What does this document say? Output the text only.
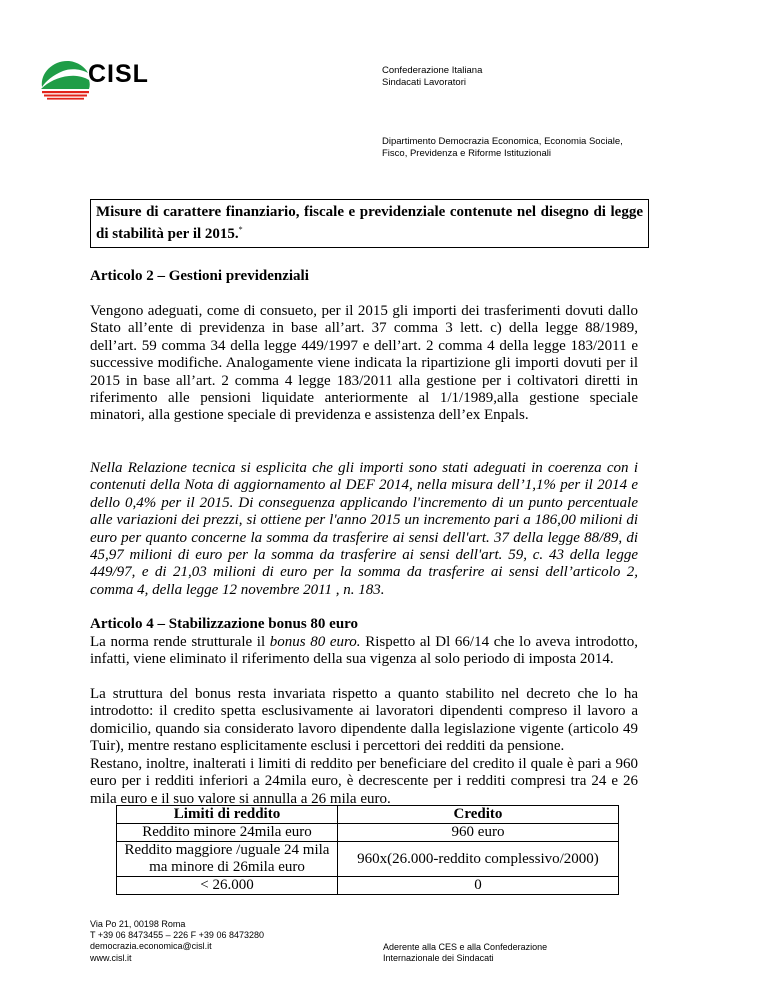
CISL	Confederazione Italiana
Sindacati Lavoratori
Dipartimento Democrazia Economica, Economia Sociale,
Fisco, Previdenza e Riforme Istituzionali
Misure di carattere finanziario, fiscale e previdenziale contenute nel disegno di legge di stabilità per il 2015.*
Articolo 2 – Gestioni previdenziali

Vengono adeguati, come di consueto, per il 2015 gli importi dei trasferimenti dovuti dallo Stato all’ente di previdenza in base all’art. 37 comma 3 lett. c) della legge 88/1989, dell’art. 59 comma 34 della legge 449/1997 e dell’art. 2 comma 4 della legge 183/2011 e successive modifiche. Analogamente viene indicata la ripartizione gli importi dovuti per il 2015 in base all’art. 2 comma 4 legge 183/2011 alla gestione per i coltivatori diretti in riferimento alle pensioni liquidate anteriormente al 1/1/1989,alla gestione speciale minatori, alla gestione speciale di previdenza e assistenza dell’ex Enpals.

Nella Relazione tecnica si esplicita che gli importi sono stati adeguati in coerenza con i contenuti della Nota di aggiornamento al DEF 2014, nella misura dell’1,1% per il 2014 e dello 0,4% per il 2015. Di conseguenza applicando l'incremento di un punto percentuale alle variazioni dei prezzi, si ottiene per l'anno 2015 un incremento pari a 186,00 milioni di euro per quanto concerne la somma da trasferire ai sensi dell'art. 37 della legge 88/89, di 45,97 milioni di euro per la somma da trasferire ai sensi dell'art. 59, c. 43 della legge 449/97, e di 21,03 milioni di euro per la somma da trasferire ai sensi dell’articolo 2, comma 4, della legge 12 novembre 2011 , n. 183.

Articolo 4 – Stabilizzazione bonus 80 euro

La norma rende strutturale il bonus 80 euro. Rispetto al Dl 66/14 che lo aveva introdotto, infatti, viene eliminato il riferimento della sua vigenza al solo periodo di imposta 2014.

La struttura del bonus resta invariata rispetto a quanto stabilito nel decreto che lo ha introdotto: il credito spetta esclusivamente ai lavoratori dipendenti compreso il lavoro a domicilio, quando sia considerato lavoro dipendente dalla legislazione vigente (articolo 49 Tuir), mentre restano esplicitamente esclusi i percettori dei redditi da pensione.

Restano, inoltre, inalterati i limiti di reddito per beneficiare del credito il quale è pari a 960 euro per i redditi inferiori a 24mila euro, è decrescente per i redditi compresi tra 24 e 26 mila euro e il suo valore si annulla a 26 mila euro.

Limiti di reddito	Credito
Reddito minore 24mila euro	960 euro
Reddito maggiore /uguale 24 mila ma minore di 26mila euro	960x(26.000-reddito complessivo/2000)
< 26.000	0
Via Po 21, 00198 Roma
T +39 06 8473455 – 226 F +39 06 8473280
democrazia.economica@cisl.it
www.cisl.it
Aderente alla CES e alla Confederazione
Internazionale dei Sindacati
